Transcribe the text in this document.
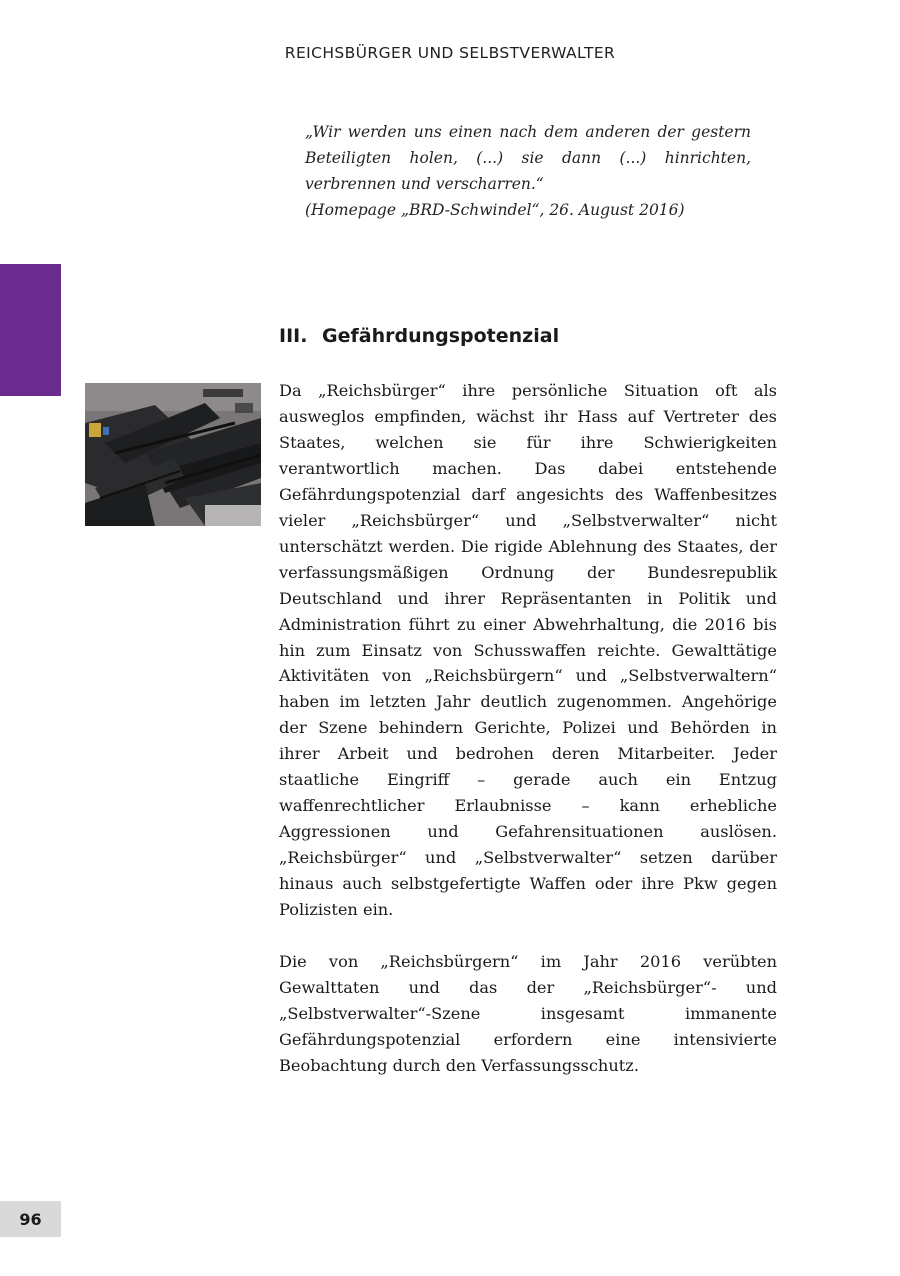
REICHSBÜRGER UND SELBSTVERWALTER

„Wir werden uns einen nach dem anderen der gestern Beteiligten holen, (...) sie dann (...) hinrichten, verbrennen und verscharren.“

(Homepage „BRD-Schwindel“, 26. August 2016)

III. Gefährdungspotenzial

Da „Reichsbürger“ ihre persönliche Situation oft als ausweglos empfinden, wächst ihr Hass auf Vertreter des Staates, welchen sie für ihre Schwierigkeiten verantwortlich machen. Das dabei entstehende Gefährdungspotenzial darf angesichts des Waffenbesitzes vieler „Reichsbürger“ und „Selbstverwalter“ nicht unterschätzt werden. Die rigide Ablehnung des Staates, der verfassungsmäßigen Ordnung der Bundesrepublik Deutschland und ihrer Repräsentanten in Politik und Administration führt zu einer Abwehrhaltung, die 2016 bis hin zum Einsatz von Schusswaffen reichte. Gewalttätige Aktivitäten von „Reichsbürgern“ und „Selbstverwaltern“ haben im letzten Jahr deutlich zugenommen. Angehörige der Szene behindern Gerichte, Polizei und Behörden in ihrer Arbeit und bedrohen deren Mitarbeiter. Jeder staatliche Eingriff – gerade auch ein Entzug waffenrechtlicher Erlaubnisse – kann erhebliche Aggressionen und Gefahrensituationen auslösen. „Reichsbürger“ und „Selbstverwalter“ setzen darüber hinaus auch selbstgefertigte Waffen oder ihre Pkw gegen Polizisten ein.

Die von „Reichsbürgern“ im Jahr 2016 verübten Gewalttaten und das der „Reichsbürger“- und „Selbstverwalter“-Szene insgesamt immanente Gefährdungspotenzial erfordern eine intensivierte Beobachtung durch den Verfassungsschutz.

96
